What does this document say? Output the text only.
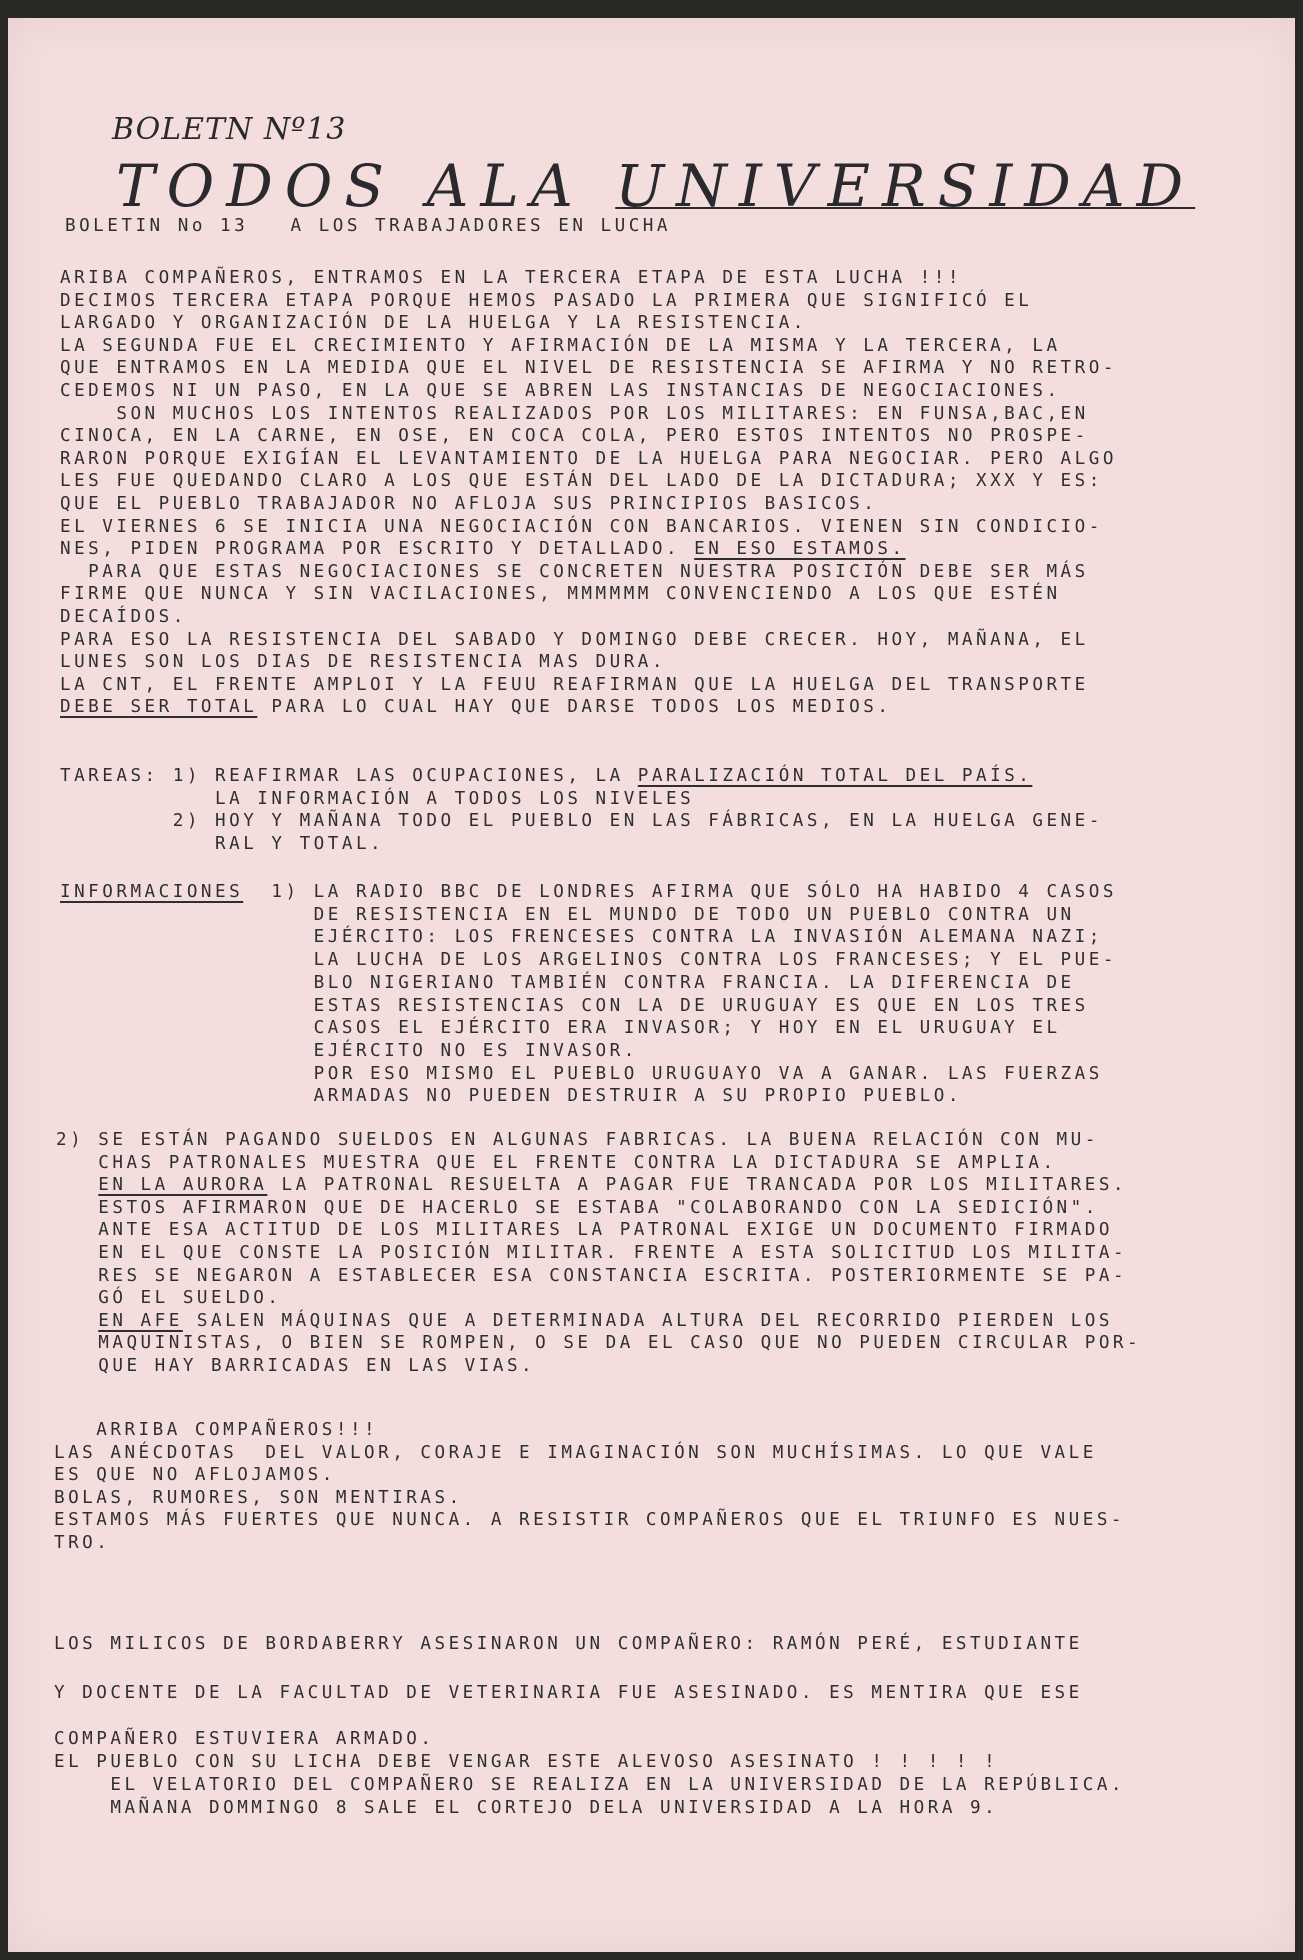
BOLETN Nº13
TODOS ALA UNIVERSIDAD
BOLETIN No 13   A LOS TRABAJADORES EN LUCHA
ARIBA COMPAÑEROS, ENTRAMOS EN LA TERCERA ETAPA DE ESTA LUCHA !!!
DECIMOS TERCERA ETAPA PORQUE HEMOS PASADO LA PRIMERA QUE SIGNIFICÓ EL
LARGADO Y ORGANIZACIÓN DE LA HUELGA Y LA RESISTENCIA.
LA SEGUNDA FUE EL CRECIMIENTO Y AFIRMACIÓN DE LA MISMA Y LA TERCERA, LA
QUE ENTRAMOS EN LA MEDIDA QUE EL NIVEL DE RESISTENCIA SE AFIRMA Y NO RETRO-
CEDEMOS NI UN PASO, EN LA QUE SE ABREN LAS INSTANCIAS DE NEGOCIACIONES.
SON MUCHOS LOS INTENTOS REALIZADOS POR LOS MILITARES: EN FUNSA,BAC,EN
CINOCA, EN LA CARNE, EN OSE, EN COCA COLA, PERO ESTOS INTENTOS NO PROSPE-
RARON PORQUE EXIGÍAN EL LEVANTAMIENTO DE LA HUELGA PARA NEGOCIAR. PERO ALGO
LES FUE QUEDANDO CLARO A LOS QUE ESTÁN DEL LADO DE LA DICTADURA; XXX Y ES:
QUE EL PUEBLO TRABAJADOR NO AFLOJA SUS PRINCIPIOS BASICOS.
EL VIERNES 6 SE INICIA UNA NEGOCIACIÓN CON BANCARIOS. VIENEN SIN CONDICIO-
NES, PIDEN PROGRAMA POR ESCRITO Y DETALLADO. EN ESO ESTAMOS.
PARA QUE ESTAS NEGOCIACIONES SE CONCRETEN NUESTRA POSICIÓN DEBE SER MÁS
FIRME QUE NUNCA Y SIN VACILACIONES, MMMMMM CONVENCIENDO A LOS QUE ESTÉN
DECAÍDOS.
PARA ESO LA RESISTENCIA DEL SABADO Y DOMINGO DEBE CRECER. HOY, MAÑANA, EL
LUNES SON LOS DIAS DE RESISTENCIA MAS DURA.
LA CNT, EL FRENTE AMPLOI Y LA FEUU REAFIRMAN QUE LA HUELGA DEL TRANSPORTE
DEBE SER TOTAL PARA LO CUAL HAY QUE DARSE TODOS LOS MEDIOS.
TAREAS: 1) REAFIRMAR LAS OCUPACIONES, LA PARALIZACIÓN TOTAL DEL PAÍS.
LA INFORMACIÓN A TODOS LOS NIVELES
2) HOY Y MAÑANA TODO EL PUEBLO EN LAS FÁBRICAS, EN LA HUELGA GENE-
RAL Y TOTAL.
INFORMACIONES  1) LA RADIO BBC DE LONDRES AFIRMA QUE SÓLO HA HABIDO 4 CASOS
DE RESISTENCIA EN EL MUNDO DE TODO UN PUEBLO CONTRA UN
EJÉRCITO: LOS FRENCESES CONTRA LA INVASIÓN ALEMANA NAZI;
LA LUCHA DE LOS ARGELINOS CONTRA LOS FRANCESES; Y EL PUE-
BLO NIGERIANO TAMBIÉN CONTRA FRANCIA. LA DIFERENCIA DE
ESTAS RESISTENCIAS CON LA DE URUGUAY ES QUE EN LOS TRES
CASOS EL EJÉRCITO ERA INVASOR; Y HOY EN EL URUGUAY EL
EJÉRCITO NO ES INVASOR.
POR ESO MISMO EL PUEBLO URUGUAYO VA A GANAR. LAS FUERZAS
ARMADAS NO PUEDEN DESTRUIR A SU PROPIO PUEBLO.
2) SE ESTÁN PAGANDO SUELDOS EN ALGUNAS FABRICAS. LA BUENA RELACIÓN CON MU-
CHAS PATRONALES MUESTRA QUE EL FRENTE CONTRA LA DICTADURA SE AMPLIA.
EN LA AURORA LA PATRONAL RESUELTA A PAGAR FUE TRANCADA POR LOS MILITARES.
ESTOS AFIRMARON QUE DE HACERLO SE ESTABA "COLABORANDO CON LA SEDICIÓN".
ANTE ESA ACTITUD DE LOS MILITARES LA PATRONAL EXIGE UN DOCUMENTO FIRMADO
EN EL QUE CONSTE LA POSICIÓN MILITAR. FRENTE A ESTA SOLICITUD LOS MILITA-
RES SE NEGARON A ESTABLECER ESA CONSTANCIA ESCRITA. POSTERIORMENTE SE PA-
GÓ EL SUELDO.
EN AFE SALEN MÁQUINAS QUE A DETERMINADA ALTURA DEL RECORRIDO PIERDEN LOS
MAQUINISTAS, O BIEN SE ROMPEN, O SE DA EL CASO QUE NO PUEDEN CIRCULAR POR-
QUE HAY BARRICADAS EN LAS VIAS.
ARRIBA COMPAÑEROS!!!
LAS ANÉCDOTAS  DEL VALOR, CORAJE E IMAGINACIÓN SON MUCHÍSIMAS. LO QUE VALE
ES QUE NO AFLOJAMOS.
BOLAS, RUMORES, SON MENTIRAS.
ESTAMOS MÁS FUERTES QUE NUNCA. A RESISTIR COMPAÑEROS QUE EL TRIUNFO ES NUES-
TRO.
LOS MILICOS DE BORDABERRY ASESINARON UN COMPAÑERO: RAMÓN PERÉ, ESTUDIANTE
Y DOCENTE DE LA FACULTAD DE VETERINARIA FUE ASESINADO. ES MENTIRA QUE ESE
COMPAÑERO ESTUVIERA ARMADO.
EL PUEBLO CON SU LICHA DEBE VENGAR ESTE ALEVOSO ASESINATO ! ! ! ! !
EL VELATORIO DEL COMPAÑERO SE REALIZA EN LA UNIVERSIDAD DE LA REPÚBLICA.
MAÑANA DOMMINGO 8 SALE EL CORTEJO DELA UNIVERSIDAD A LA HORA 9.
